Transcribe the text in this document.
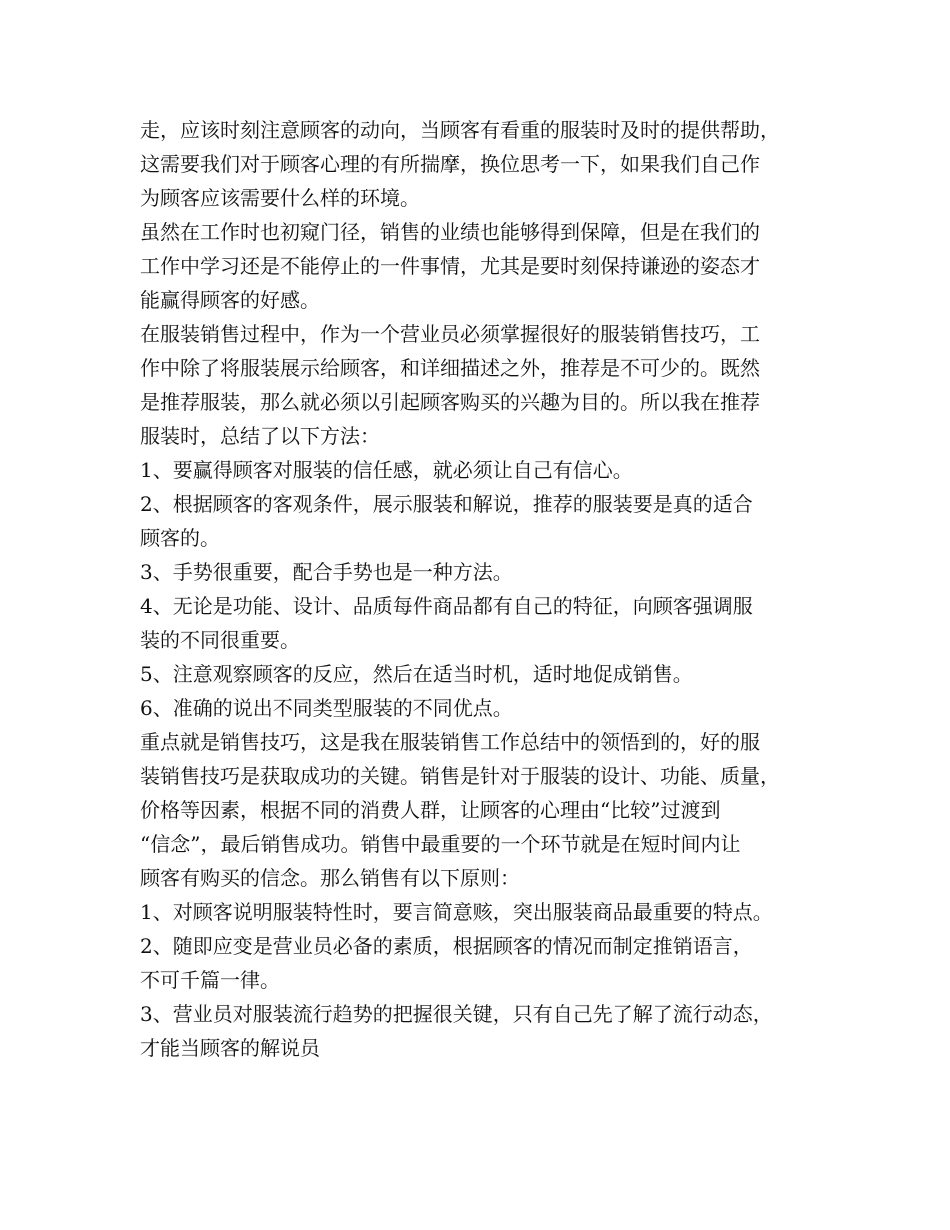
走，应该时刻注意顾客的动向，当顾客有看重的服装时及时的提供帮助，
这需要我们对于顾客心理的有所揣摩，换位思考一下，如果我们自己作
为顾客应该需要什么样的环境。
虽然在工作时也初窥门径，销售的业绩也能够得到保障，但是在我们的
工作中学习还是不能停止的一件事情，尤其是要时刻保持谦逊的姿态才
能赢得顾客的好感。
在服装销售过程中，作为一个营业员必须掌握很好的服装销售技巧，工
作中除了将服装展示给顾客，和详细描述之外，推荐是不可少的。既然
是推荐服装，那么就必须以引起顾客购买的兴趣为目的。所以我在推荐
服装时，总结了以下方法：
1、要赢得顾客对服装的信任感，就必须让自己有信心。
2、根据顾客的客观条件，展示服装和解说，推荐的服装要是真的适合
顾客的。
3、手势很重要，配合手势也是一种方法。
4、无论是功能、设计、品质每件商品都有自己的特征，向顾客强调服
装的不同很重要。
5、注意观察顾客的反应，然后在适当时机，适时地促成销售。
6、准确的说出不同类型服装的不同优点。
重点就是销售技巧，这是我在服装销售工作总结中的领悟到的，好的服
装销售技巧是获取成功的关键。销售是针对于服装的设计、功能、质量，
价格等因素，根据不同的消费人群，让顾客的心理由“比较”过渡到
“信念”，最后销售成功。销售中最重要的一个环节就是在短时间内让
顾客有购买的信念。那么销售有以下原则：
1、对顾客说明服装特性时，要言简意赅，突出服装商品最重要的特点。
2、随即应变是营业员必备的素质，根据顾客的情况而制定推销语言，
不可千篇一律。
3、营业员对服装流行趋势的把握很关键，只有自己先了解了流行动态，
才能当顾客的解说员
